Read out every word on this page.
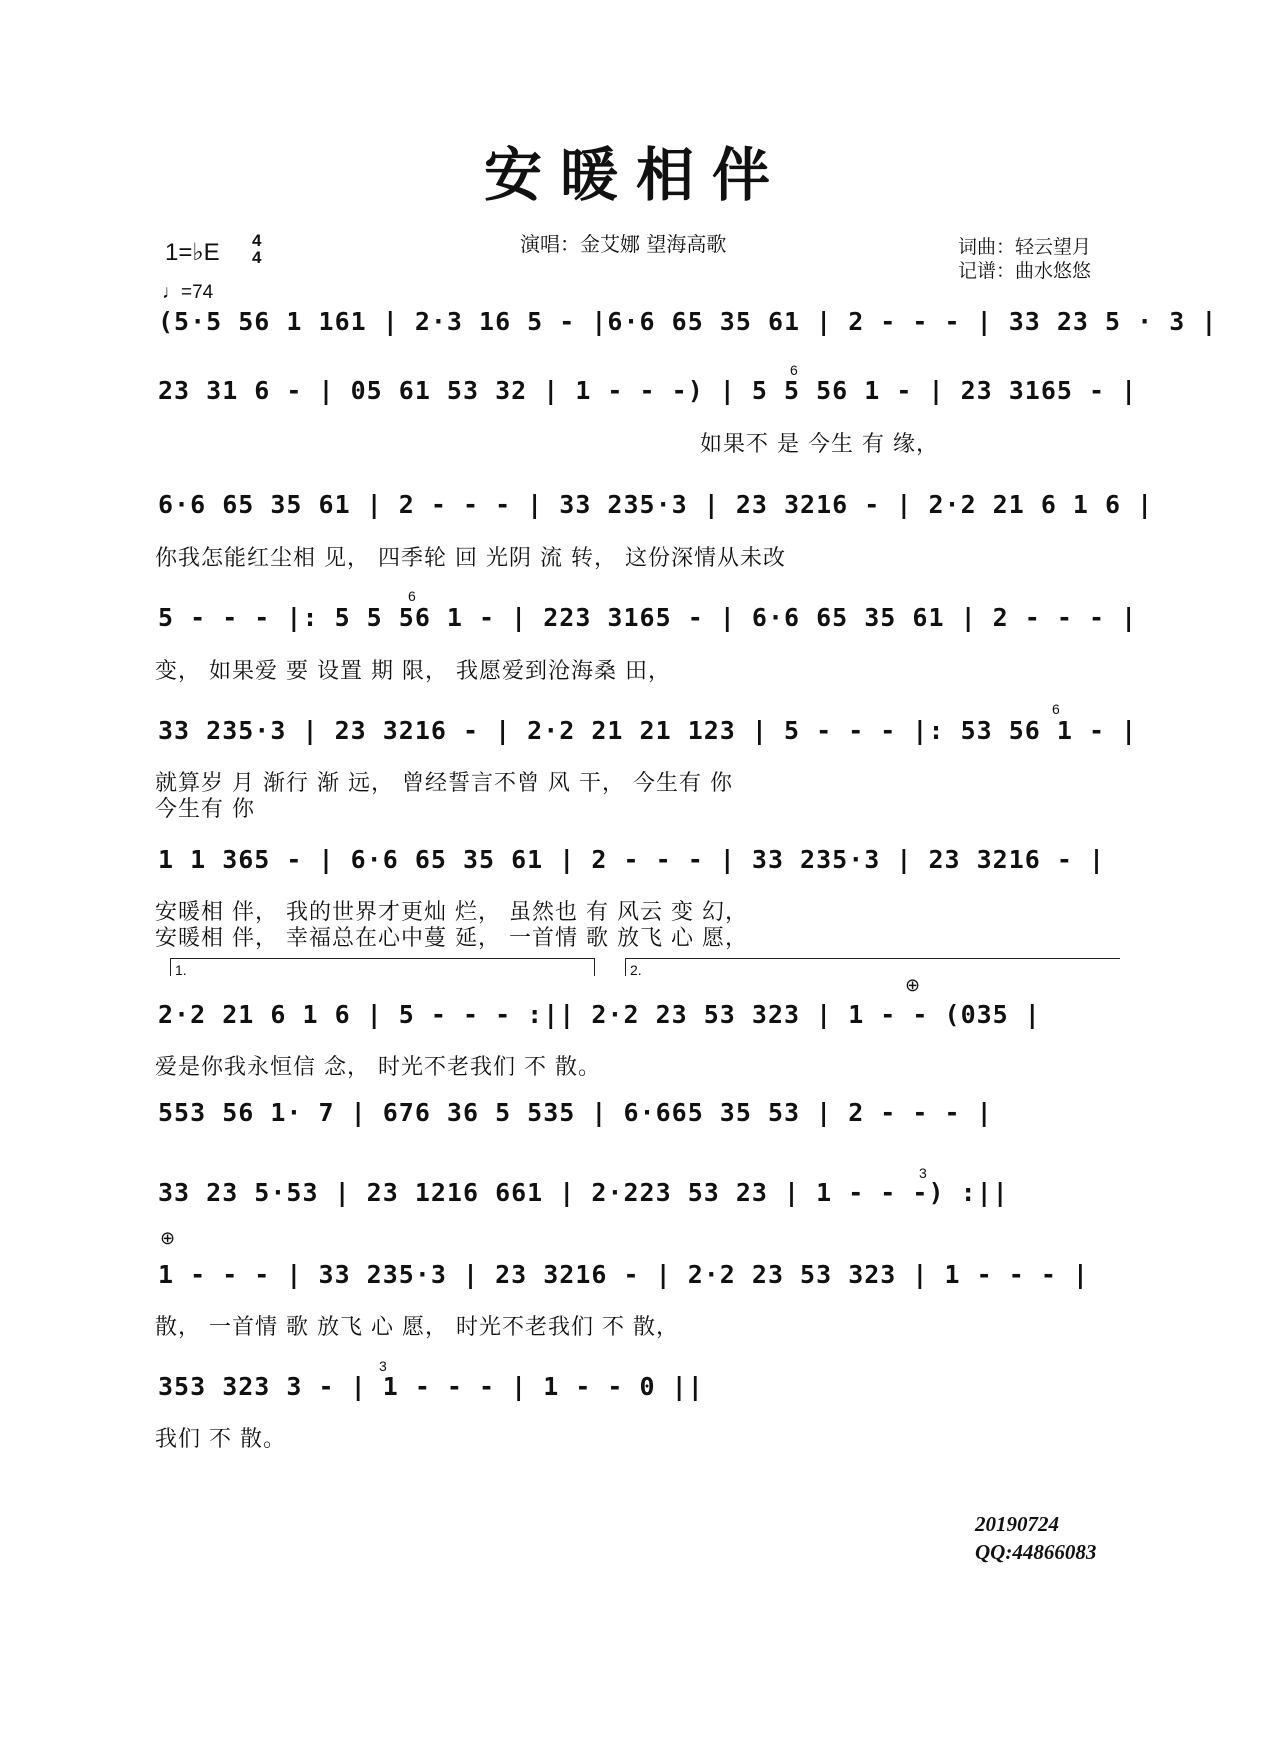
安暖相伴
演唱：金艾娜 望海高歌
1=♭E 4
4
♩=74
词曲：轻云望月
记谱：曲水悠悠
(5·5 56 1 161 | 2·3 16 5 - |6·6 65 35 61 | 2 - - - | 33 23 5 · 3 |
23 31 6 - | 05 61 53 32 | 1 - - -) | 5 5 56 1 - | 23 3165 - |
如果不 是 今生 有 缘，
6
6·6 65 35 61 | 2 - - - | 33 235·3 | 23 3216 - | 2·2 21 6 1 6 |
你我怎能红尘相 见， 四季轮 回 光阴 流 转， 这份深情从未改
5 - - - |: 5 5 56 1 - | 223 3165 - | 6·6 65 35 61 | 2 - - - |
变， 如果爱 要 设置 期 限， 我愿爱到沧海桑 田，
6
33 235·3 | 23 3216 - | 2·2 21 21 123 | 5 - - - |: 53 56 1 - |
就算岁 月 渐行 渐 远， 曾经誓言不曾 风 干， 今生有 你
今生有 你
6
1 1 365 - | 6·6 65 35 61 | 2 - - - | 33 235·3 | 23 3216 - |
安暖相 伴， 我的世界才更灿 烂， 虽然也 有 风云 变 幻，
安暖相 伴， 幸福总在心中蔓 延， 一首情 歌 放飞 心 愿，
1.	2.
⊕
2·2 21 6 1 6 | 5 - - - :|| 2·2 23 53 323 | 1 - - (035 |
爱是你我永恒信 念， 时光不老我们 不 散。
553 56 1· 7 | 676 36 5 535 | 6·665 35 53 | 2 - - - |
33 23 5·53 | 23 1216 661 | 2·223 53 23 | 1 - - -) :||
3
⊕
1 - - - | 33 235·3 | 23 3216 - | 2·2 23 53 323 | 1 - - - |
散， 一首情 歌 放飞 心 愿， 时光不老我们 不 散，
353 323 3 - | 1 - - - | 1 - - 0 ||
我们 不 散。
3
20190724
QQ:44866083
